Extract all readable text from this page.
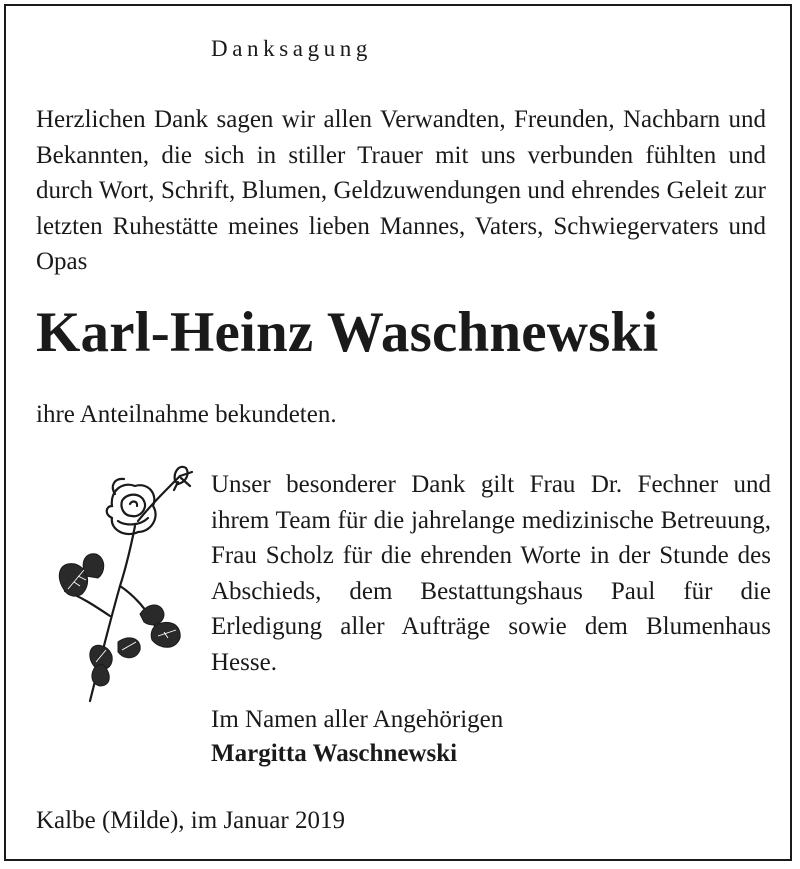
Danksagung

Herzlichen Dank sagen wir allen Verwandten, Freunden, Nachbarn und Bekannten, die sich in stiller Trauer mit uns verbunden fühlten und durch Wort, Schrift, Blumen, Geldzuwendungen und ehrendes Geleit zur letzten Ruhestätte meines lieben Mannes, Vaters, Schwiegervaters und Opas

Karl-Heinz Waschnewski
ihre Anteilnahme bekundeten.
Unser besonderer Dank gilt Frau Dr. Fechner und ihrem Team für die jahrelange medizinische Betreuung, Frau Scholz für die ehrenden Worte in der Stunde des Abschieds, dem Bestattungshaus Paul für die Erledigung aller Aufträge sowie dem Blumenhaus Hesse.
Im Namen aller Angehörigen
Margitta Waschnewski
Kalbe (Milde), im Januar 2019
